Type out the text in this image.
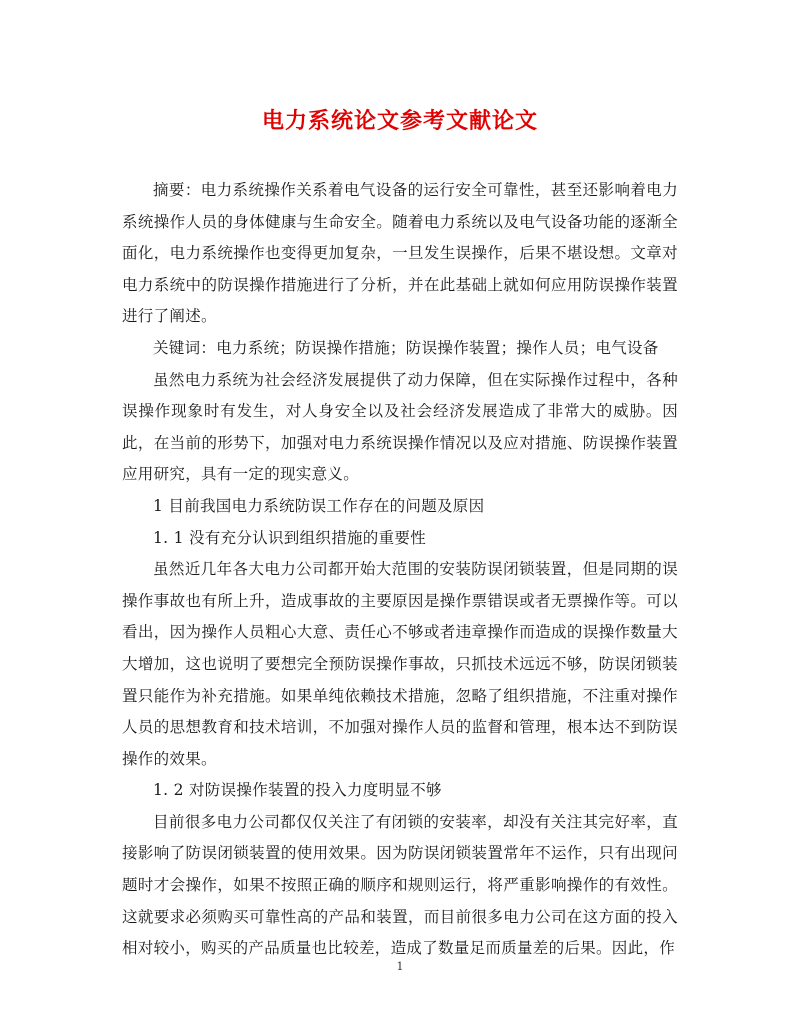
电力系统论文参考文献论文

摘要：电力系统操作关系着电气设备的运行安全可靠性，甚至还影响着电力系统操作人员的身体健康与生命安全。随着电力系统以及电气设备功能的逐渐全面化，电力系统操作也变得更加复杂，一旦发生误操作，后果不堪设想。文章对电力系统中的防误操作措施进行了分析，并在此基础上就如何应用防误操作装置进行了阐述。

关键词：电力系统；防误操作措施；防误操作装置；操作人员；电气设备

虽然电力系统为社会经济发展提供了动力保障，但在实际操作过程中，各种误操作现象时有发生，对人身安全以及社会经济发展造成了非常大的威胁。因此，在当前的形势下，加强对电力系统误操作情况以及应对措施、防误操作装置应用研究，具有一定的现实意义。

1 目前我国电力系统防误工作存在的问题及原因

1. 1 没有充分认识到组织措施的重要性

虽然近几年各大电力公司都开始大范围的安装防误闭锁装置，但是同期的误操作事故也有所上升，造成事故的主要原因是操作票错误或者无票操作等。可以看出，因为操作人员粗心大意、责任心不够或者违章操作而造成的误操作数量大大增加，这也说明了要想完全预防误操作事故，只抓技术远远不够，防误闭锁装置只能作为补充措施。如果单纯依赖技术措施，忽略了组织措施，不注重对操作人员的思想教育和技术培训，不加强对操作人员的监督和管理，根本达不到防误操作的效果。

1. 2 对防误操作装置的投入力度明显不够

目前很多电力公司都仅仅关注了有闭锁的安装率，却没有关注其完好率，直接影响了防误闭锁装置的使用效果。因为防误闭锁装置常年不运作，只有出现问题时才会操作，如果不按照正确的顺序和规则运行，将严重影响操作的有效性。这就要求必须购买可靠性高的产品和装置，而目前很多电力公司在这方面的投入相对较小，购买的产品质量也比较差，造成了数量足而质量差的后果。因此，作

1
